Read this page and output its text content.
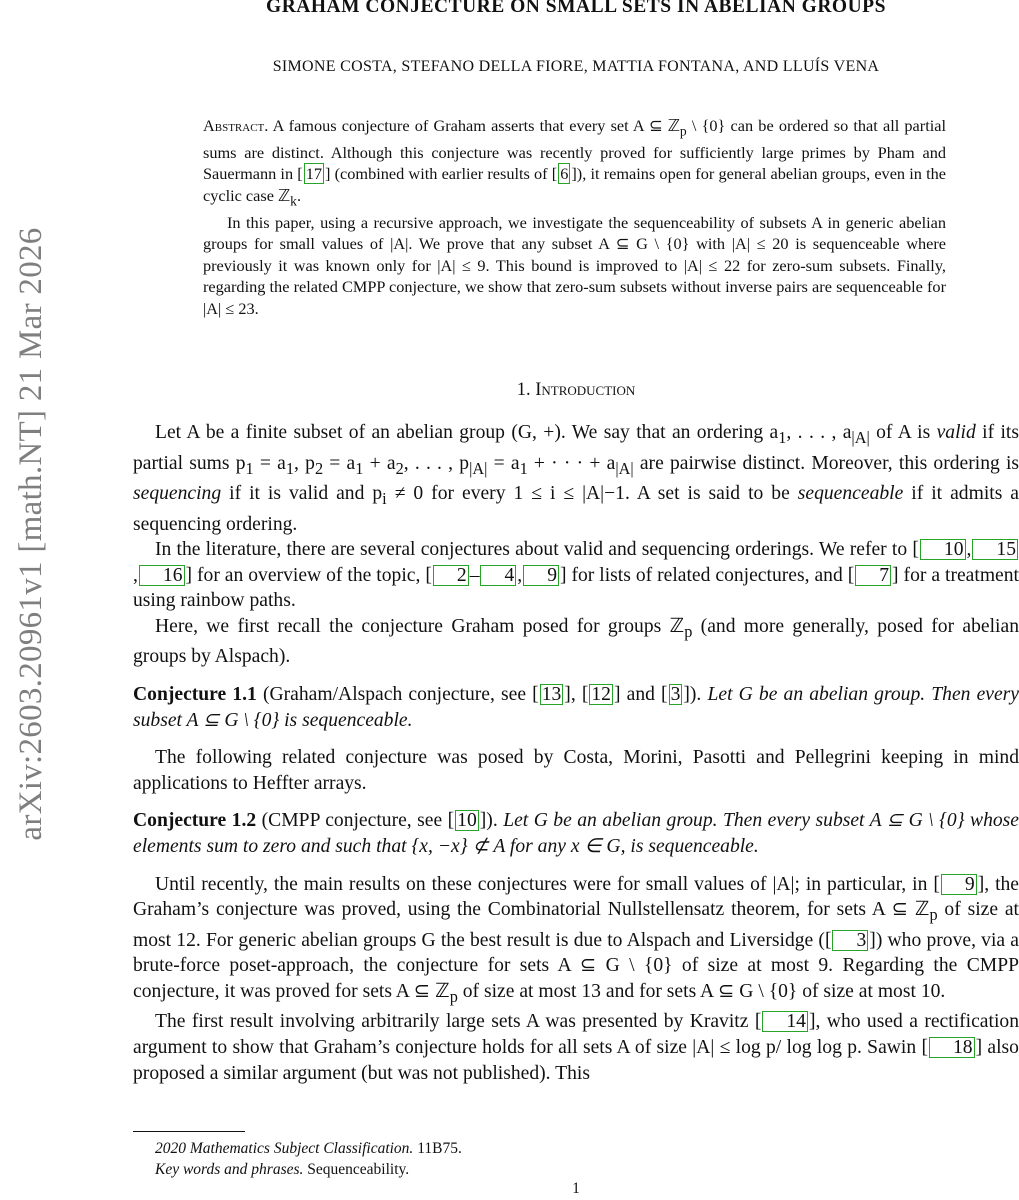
arXiv:2603.20961v1 [math.NT] 21 Mar 2026
GRAHAM CONJECTURE ON SMALL SETS IN ABELIAN GROUPS
SIMONE COSTA, STEFANO DELLA FIORE, MATTIA FONTANA, AND LLUÍS VENA

Abstract. A famous conjecture of Graham asserts that every set A ⊆ ℤ$_p$ \ {0} can be ordered so that all partial sums are distinct. Although this conjecture was recently proved for sufficiently large primes by Pham and Sauermann in [ 17 ] (combined with earlier results of [ 6 ]), it remains open for general abelian groups, even in the cyclic case ℤ$_k$.

In this paper, using a recursive approach, we investigate the sequenceability of subsets A in generic abelian groups for small values of |A|. We prove that any subset A ⊆ G \ {0} with |A| ≤ 20 is sequenceable where previously it was known only for |A| ≤ 9. This bound is improved to |A| ≤ 22 for zero-sum subsets. Finally, regarding the related CMPP conjecture, we show that zero-sum subsets without inverse pairs are sequenceable for |A| ≤ 23.

1. Introduction

Let A be a finite subset of an abelian group (G, +). We say that an ordering $a_1$, . . . , $a_{|A|}$ of A is valid if its partial sums $p_1 = a_1$, $p_2 = a_1 + a_2$, . . . , $p_{|A|} = a_1$ + · · · + $a_{|A|}$ are pairwise distinct. Moreover, this ordering is sequencing if it is valid and $p_i \ne 0$ for every 1 ≤ i ≤ |A|−1. A set is said to be sequenceable if it admits a sequencing ordering.

In the literature, there are several conjectures about valid and sequencing orderings. We refer to [ 10 , 15, 16 ] for an overview of the topic, [ 2 – 4 , 9 ] for lists of related conjectures, and [ 7 ] for a treatment using rainbow paths.

Here, we first recall the conjecture Graham posed for groups ℤ$_p$ (and more generally, posed for abelian groups by Alspach).

Conjecture 1.1 (Graham/Alspach conjecture, see [ 13 ], [ 12 ] and [ 3 ]). Let G be an abelian group. Then every subset A ⊆ G \ {0} is sequenceable.

The following related conjecture was posed by Costa, Morini, Pasotti and Pellegrini keeping in mind applications to Heffter arrays.

Conjecture 1.2 (CMPP conjecture, see [ 10 ]). Let G be an abelian group. Then every subset A ⊆ G \ {0} whose elements sum to zero and such that {x, −x} ⊄ A for any x ∈ G, is sequenceable.

Until recently, the main results on these conjectures were for small values of |A|; in particular, in [ 9 ], the Graham’s conjecture was proved, using the Combinatorial Nullstellensatz theorem, for sets A ⊆ ℤ$_p$ of size at most 12. For generic abelian groups G the best result is due to Alspach and Liversidge ([ 3 ]) who prove, via a brute-force poset-approach, the conjecture for sets A ⊆ G \ {0} of size at most 9. Regarding the CMPP conjecture, it was proved for sets A ⊆ ℤ$_p$ of size at most 13 and for sets A ⊆ G \ {0} of size at most 10.

The first result involving arbitrarily large sets A was presented by Kravitz [ 14 ], who used a rectification argument to show that Graham’s conjecture holds for all sets A of size |A| ≤ log p/ log log p. Sawin [ 18 ] also proposed a similar argument (but was not published). This

2020 Mathematics Subject Classification. 11B75.

Key words and phrases. Sequenceability.

1
